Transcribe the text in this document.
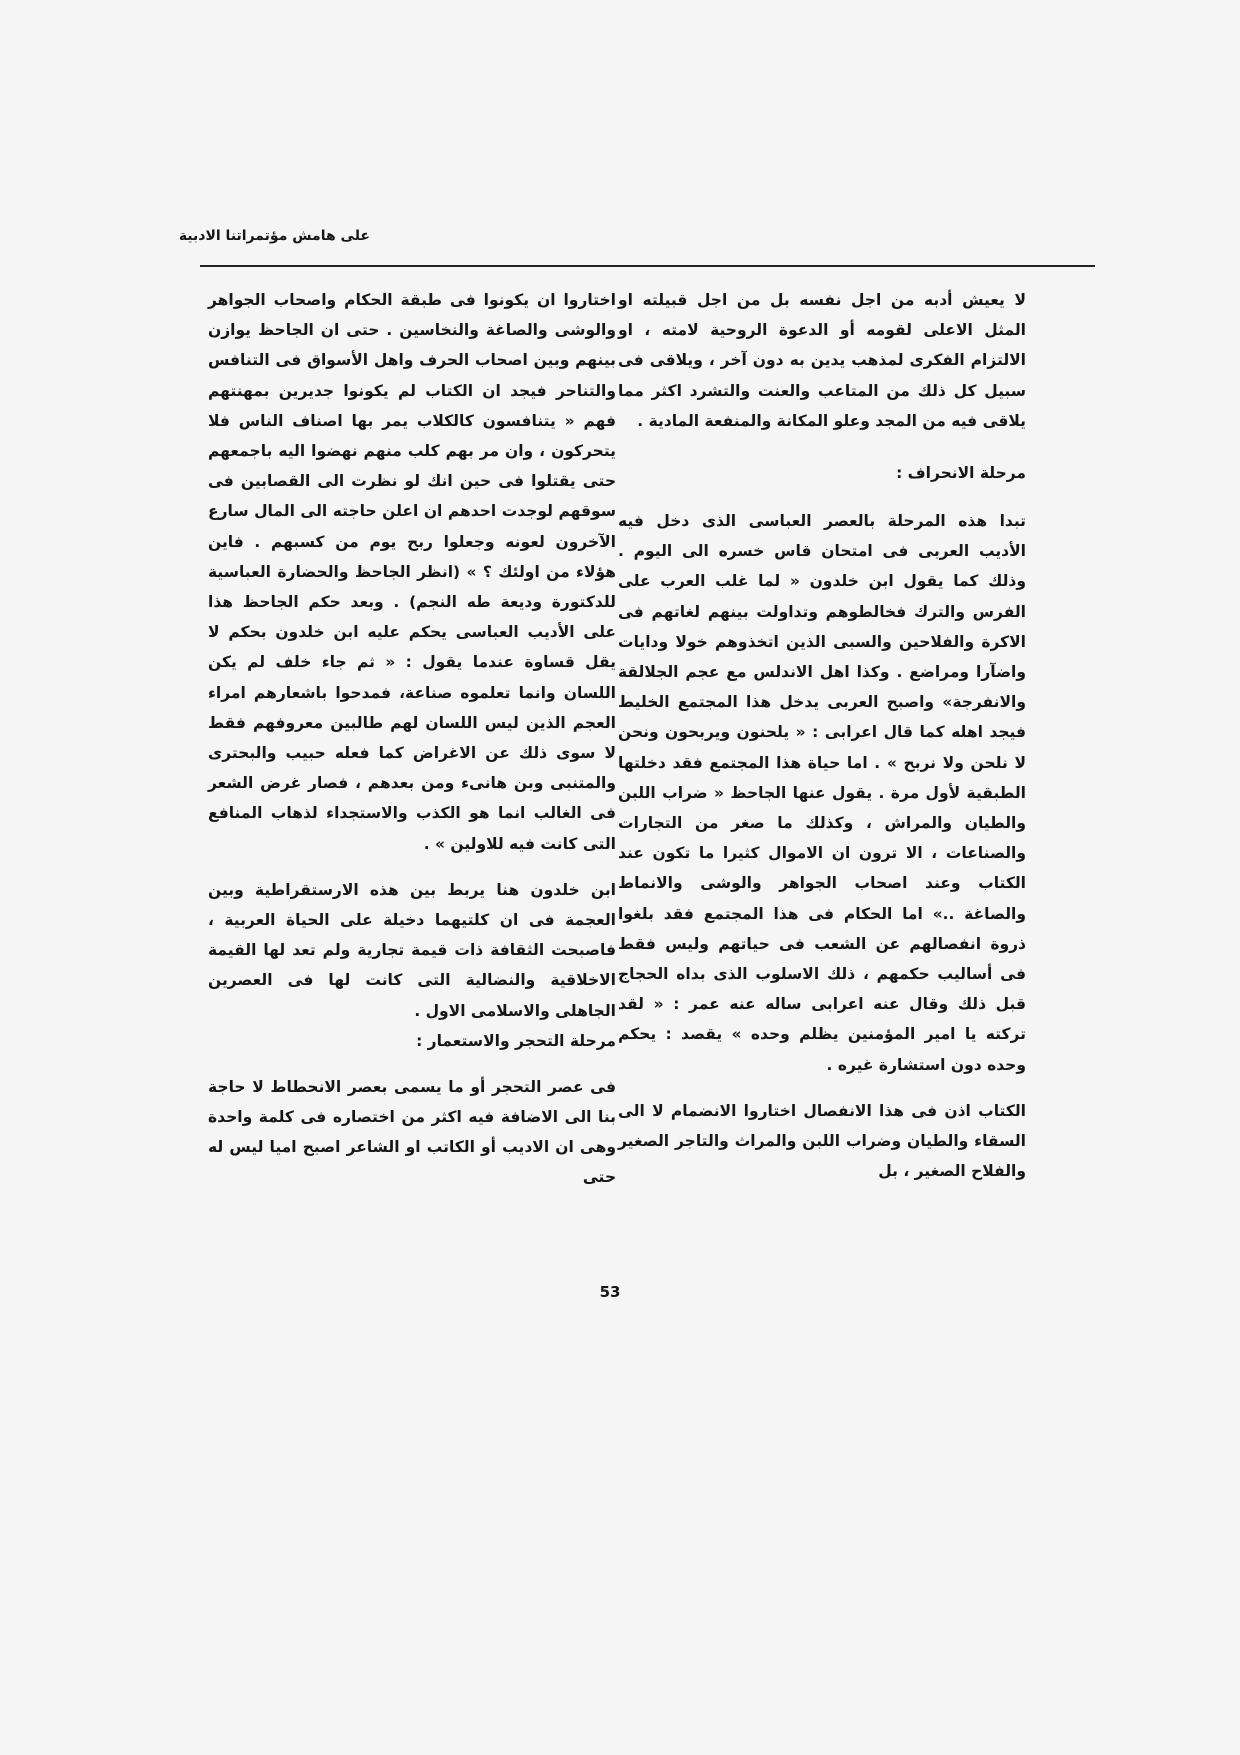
على هامش مؤتمراتنا الادبية

لا يعيش أدبه من اجل نفسه بل من اجل قبيلته او المثل الاعلى لقومه أو الدعوة الروحية لامته ، او الالتزام الفكرى لمذهب يدين به دون آخر ، ويلاقى فى سبيل كل ذلك من المتاعب والعنت والتشرد اكثر مما يلاقى فيه من المجد وعلو المكانة والمنفعة المادية .

مرحلة الانحراف :

تبدا هذه المرحلة بالعصر العباسى الذى دخل فيه الأديب العربى فى امتحان قاس خسره الى اليوم . وذلك كما يقول ابن خلدون « لما غلب العرب على الفرس والترك فخالطوهم وتداولت بينهم لغاتهم فى الاكرة والفلاحين والسبى الذين اتخذوهم خولا ودايات واضآرا ومراضع . وكذا اهل الاندلس مع عجم الجلالقة والانفرجة» واصبح العربى يدخل هذا المجتمع الخليط فيجد اهله كما قال اعرابى : « يلحنون ويربحون ونحن لا نلحن ولا نربح » . اما حياة هذا المجتمع فقد دخلتها الطبقية لأول مرة . يقول عنها الجاحظ « ضراب اللبن والطيان والمراش ، وكذلك ما صغر من التجارات والصناعات ، الا ترون ان الاموال كثيرا ما تكون عند الكتاب وعند اصحاب الجواهر والوشى والانماط والصاغة ..» اما الحكام فى هذا المجتمع فقد بلغوا ذروة انفصالهم عن الشعب فى حياتهم وليس فقط فى أساليب حكمهم ، ذلك الاسلوب الذى بداه الحجاج قبل ذلك وقال عنه اعرابى ساله عنه عمر : « لقد تركته يا امير المؤمنين يظلم وحده » يقصد : يحكم وحده دون استشارة غيره .

الكتاب اذن فى هذا الانفصال اختاروا الانضمام لا الى السقاء والطيان وضراب اللبن والمراث والتاجر الصغير والفلاح الصغير ، بل

اختاروا ان يكونوا فى طبقة الحكام واصحاب الجواهر والوشى والصاغة والنخاسين . حتى ان الجاحظ يوازن بينهم وبين اصحاب الحرف واهل الأسواق فى التنافس والتناحر فيجد ان الكتاب لم يكونوا جديرين بمهنتهم فهم « يتنافسون كالكلاب يمر بها اصناف الناس فلا يتحركون ، وان مر بهم كلب منهم نهضوا اليه باجمعهم حتى يقتلوا فى حين انك لو نظرت الى القصابين فى سوقهم لوجدت احدهم ان اعلن حاجته الى المال سارع الآخرون لعونه وجعلوا ربح يوم من كسبهم . فاين هؤلاء من اولئك ؟ » (انظر الجاحظ والحضارة العباسية للدكتورة وديعة طه النجم) . وبعد حكم الجاحظ هذا على الأديب العباسى يحكم عليه ابن خلدون بحكم لا يقل قساوة عندما يقول : « ثم جاء خلف لم يكن اللسان وانما تعلموه صناعة، فمدحوا باشعارهم امراء العجم الذين ليس اللسان لهم طالبين معروفهم فقط لا سوى ذلك عن الاغراض كما فعله حبيب والبحترى والمتنبى وبن هانىء ومن بعدهم ، فصار غرض الشعر فى الغالب انما هو الكذب والاستجداء لذهاب المنافع التى كانت فيه للاولين » .

ابن خلدون هنا يربط بين هذه الارستقراطية وبين العجمة فى ان كلتيهما دخيلة على الحياة العربية ، فاصبحت الثقافة ذات قيمة تجارية ولم تعد لها القيمة الاخلاقية والنضالية التى كانت لها فى العصرين الجاهلى والاسلامى الاول .

مرحلة التحجر والاستعمار :

فى عصر التحجر أو ما يسمى بعصر الانحطاط لا حاجة بنا الى الاضافة فيه اكثر من اختصاره فى كلمة واحدة وهى ان الاديب أو الكاتب او الشاعر اصبح اميا ليس له حتى

53
